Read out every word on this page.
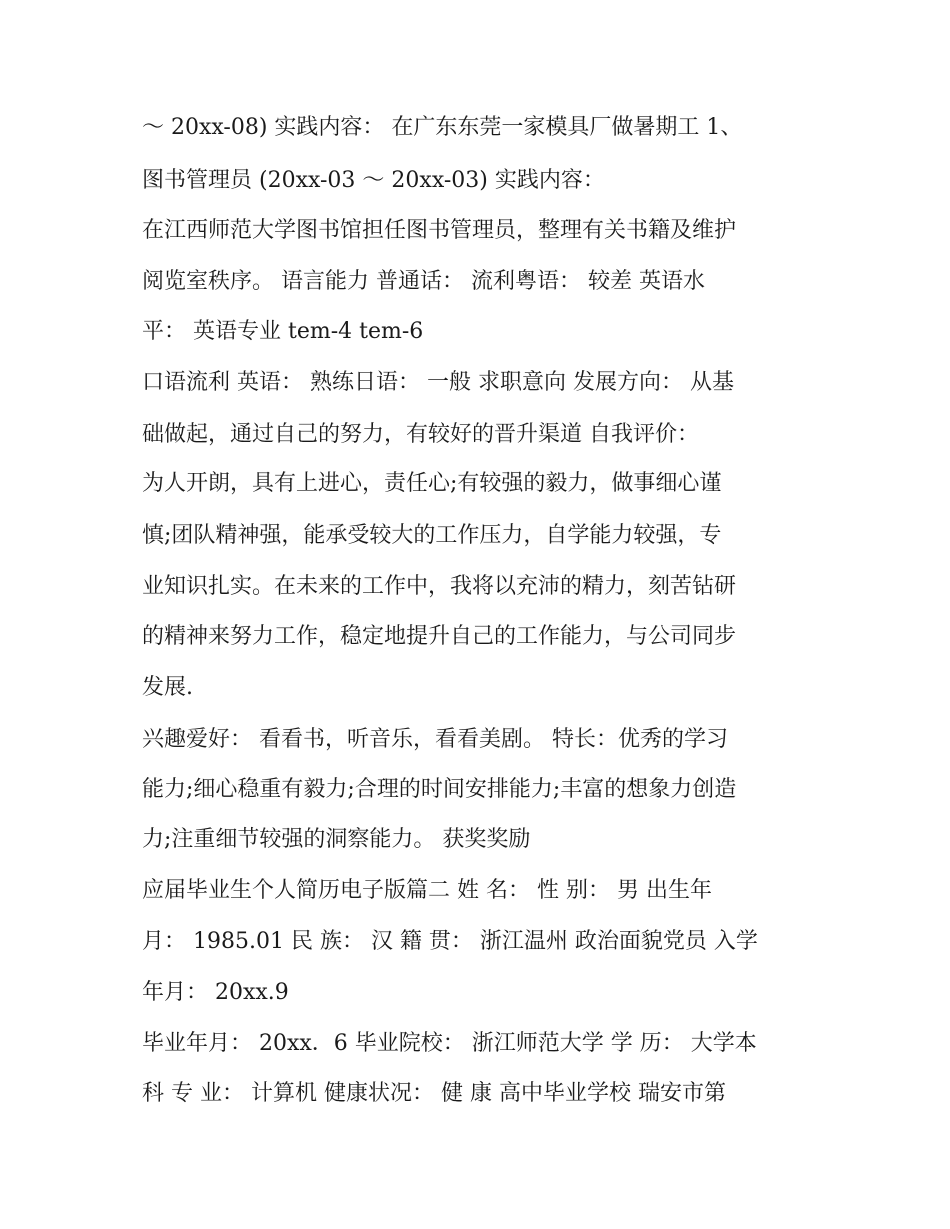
～ 20xx-08) 实践内容： 在广东东莞一家模具厂做暑期工 1、
图书管理员 (20xx-03 ～ 20xx-03) 实践内容：
在江西师范大学图书馆担任图书管理员，整理有关书籍及维护
阅览室秩序。 语言能力 普通话： 流利粤语： 较差 英语水
平： 英语专业 tem-4 tem-6
口语流利 英语： 熟练日语： 一般 求职意向 发展方向： 从基
础做起，通过自己的努力，有较好的晋升渠道 自我评价：
为人开朗，具有上进心，责任心;有较强的毅力，做事细心谨
慎;团队精神强，能承受较大的工作压力，自学能力较强，专
业知识扎实。在未来的工作中，我将以充沛的精力，刻苦钻研
的精神来努力工作，稳定地提升自己的工作能力，与公司同步
发展.
兴趣爱好： 看看书，听音乐，看看美剧。 特长：优秀的学习
能力;细心稳重有毅力;合理的时间安排能力;丰富的想象力创造
力;注重细节较强的洞察能力。 获奖奖励
应届毕业生个人简历电子版篇二 姓 名： 性 别： 男 出生年
月： 1985.01 民 族： 汉 籍 贯： 浙江温州 政治面貌党员 入学
年月： 20xx.9
毕业年月： 20xx．6 毕业院校： 浙江师范大学 学 历： 大学本
科 专 业： 计算机 健康状况： 健 康 高中毕业学校 瑞安市第
